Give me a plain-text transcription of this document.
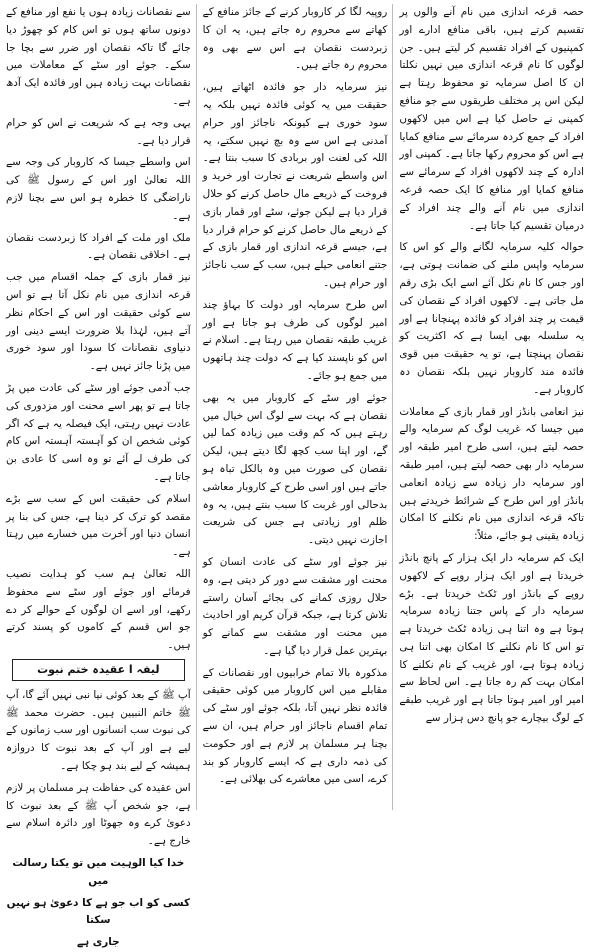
حصہ قرعہ اندازی میں نام آنے والوں پر تقسیم کرتے ہیں، باقی منافع ادارے اور کمپنیوں کے افراد تقسیم کر لیتے ہیں۔ جن لوگوں کا نام قرعہ اندازی میں نہیں نکلتا ان کا اصل سرمایہ تو محفوظ رہتا ہے لیکن اس پر مختلف طریقوں سے جو منافع کمپنی نے حاصل کیا ہے اس میں لاکھوں افراد کے جمع کردہ سرمائے سے منافع کمایا ہے اس کو محروم رکھا جاتا ہے۔ کمپنی اور ادارہ کے چند لاکھوں افراد کے سرمائے سے منافع کمایا اور منافع کا ایک حصہ قرعہ اندازی میں نام آنے والے چند افراد کے درمیان تقسیم کیا جاتا ہے۔

حوالہ کلیہ سرمایہ لگانے والے کو اس کا سرمایہ واپس ملنے کی ضمانت ہوتی ہے، اور جس کا نام نکل آئے اسے ایک بڑی رقم مل جاتی ہے۔ لاکھوں افراد کے نقصان کی قیمت پر چند افراد کو فائدہ پہنچانا ہے اور یہ سلسلہ بھی ایسا ہے کہ اکثریت کو نقصان پہنچتا ہے، تو یہ حقیقت میں قوی فائدہ مند کاروبار نہیں بلکہ نقصان دہ کاروبار ہے۔

نیز انعامی بانڈز اور قمار بازی کے معاملات میں جیسا کہ غریب لوگ کم سرمایہ والے حصہ لیتے ہیں، اسی طرح امیر طبقہ اور سرمایہ دار بھی حصہ لیتے ہیں، امیر طبقہ اور سرمایہ دار زیادہ سے زیادہ انعامی بانڈز اور اس طرح کے شرائط خریدتے ہیں تاکہ قرعہ اندازی میں نام نکلنے کا امکان زیادہ یقینی ہو جائے، مثلاً:

ایک کم سرمایہ دار ایک ہزار کے پانچ بانڈز خریدتا ہے اور ایک ہزار روپے کے لاکھوں روپے کے بانڈز اور ٹکٹ خریدتا ہے۔ بڑے سرمایہ دار کے پاس جتنا زیادہ سرمایہ ہوتا ہے وہ اتنا ہی زیادہ ٹکٹ خریدتا ہے تو اس کا نام نکلنے کا امکان بھی اتنا ہی زیادہ ہوتا ہے، اور غریب کے نام نکلنے کا امکان بہت کم رہ جاتا ہے۔ اس لحاظ سے امیر اور امیر ہوتا جاتا ہے اور غریب طبقے کے لوگ بیچارے جو پانچ دس ہزار سے

روپیہ لگا کر کاروبار کرنے کے جائز منافع کے کھاتے سے محروم رہ جاتے ہیں، یہ ان کا زبردست نقصان ہے اس سے بھی وہ محروم رہ جاتے ہیں۔

نیز سرمایہ دار جو فائدہ اٹھاتے ہیں، حقیقت میں یہ کوئی فائدہ نہیں بلکہ یہ سود خوری ہے کیونکہ ناجائز اور حرام آمدنی ہے اس سے وہ بچ نہیں سکتے، یہ اللہ کی لعنت اور بربادی کا سبب بنتا ہے۔ اس واسطے شریعت نے تجارت اور خرید و فروخت کے ذریعے مال حاصل کرنے کو حلال قرار دیا ہے لیکن جوئے، سٹے اور قمار بازی کے ذریعے مال حاصل کرنے کو حرام قرار دیا ہے، جیسے قرعہ اندازی اور قمار بازی کے جتنے انعامی حیلے ہیں، سب کے سب ناجائز اور حرام ہیں۔

اس طرح سرمایہ اور دولت کا بہاؤ چند امیر لوگوں کی طرف ہو جاتا ہے اور غریب طبقہ نقصان میں رہتا ہے۔ اسلام نے اس کو ناپسند کیا ہے کہ دولت چند ہاتھوں میں جمع ہو جائے۔

جوئے اور سٹے کے کاروبار میں یہ بھی نقصان ہے کہ بہت سے لوگ اس خیال میں رہتے ہیں کہ کم وقت میں زیادہ کما لیں گے، اور اپنا سب کچھ لگا دیتے ہیں، لیکن نقصان کی صورت میں وہ بالکل تباہ ہو جاتے ہیں اور اسی طرح کے کاروبار معاشی بدحالی اور غربت کا سبب بنتے ہیں، یہ وہ ظلم اور زیادتی ہے جس کی شریعت اجازت نہیں دیتی۔

نیز جوئے اور سٹے کی عادت انسان کو محنت اور مشقت سے دور کر دیتی ہے، وہ حلال روزی کمانے کی بجائے آسان راستے تلاش کرتا ہے، جبکہ قرآن کریم اور احادیث میں محنت اور مشقت سے کمانے کو بہترین عمل قرار دیا گیا ہے۔

مذکورہ بالا تمام خرابیوں اور نقصانات کے مقابلے میں اس کاروبار میں کوئی حقیقی فائدہ نظر نہیں آتا، بلکہ جوئے اور سٹے کی تمام اقسام ناجائز اور حرام ہیں، ان سے بچنا ہر مسلمان پر لازم ہے اور حکومت کی ذمہ داری ہے کہ ایسے کاروبار کو بند کرے، اسی میں معاشرے کی بھلائی ہے۔

سے نقصانات زیادہ ہوں یا نفع اور منافع کے دونوں ساتھ ہوں تو اس کام کو چھوڑ دیا جائے گا تاکہ نقصان اور ضرر سے بچا جا سکے۔ جوئے اور سٹے کے معاملات میں نقصانات بہت زیادہ ہیں اور فائدہ ایک آدھ ہے۔

یہی وجہ ہے کہ شریعت نے اس کو حرام قرار دیا ہے۔

اس واسطے جیسا کہ کاروبار کی وجہ سے اللہ تعالیٰ اور اس کے رسول ﷺ کی ناراضگی کا خطرہ ہو اس سے بچنا لازم ہے۔

ملک اور ملت کے افراد کا زبردست نقصان ہے۔ اخلاقی نقصان ہے۔

نیز قمار بازی کے جملہ اقسام میں جب قرعہ اندازی میں نام نکل آتا ہے تو اس سے کوئی حقیقت اور اس کے احکام نظر آتے ہیں، لہٰذا بلا ضرورت ایسے دینی اور دنیاوی نقصانات کا سودا اور سود خوری میں پڑنا جائز نہیں ہے۔

جب آدمی جوئے اور سٹے کی عادت میں پڑ جاتا ہے تو پھر اسے محنت اور مزدوری کی عادت نہیں رہتی، ایک فیصلہ یہ ہے کہ اگر کوئی شخص ان کو آہستہ آہستہ اس کام کی طرف لے آئے تو وہ اسی کا عادی بن جاتا ہے۔

اسلام کی حقیقت اس کے سب سے بڑے مقصد کو ترک کر دینا ہے، جس کی بنا پر انسان دنیا اور آخرت میں خسارے میں رہتا ہے۔

اللہ تعالیٰ ہم سب کو ہدایت نصیب فرمائے اور جوئے اور سٹے سے محفوظ رکھے، اور اسے ان لوگوں کے حوالے کر دے جو اس قسم کے کاموں کو پسند کرتے ہیں۔

لیفہ ا عقیدہ ختم نبوت

آپ ﷺ کے بعد کوئی نیا نبی نہیں آئے گا، آپ ﷺ خاتم النبیین ہیں۔ حضرت محمد ﷺ کی نبوت سب انسانوں اور سب زمانوں کے لیے ہے اور آپ کے بعد نبوت کا دروازہ ہمیشہ کے لیے بند ہو چکا ہے۔

اس عقیدہ کی حفاظت ہر مسلمان پر لازم ہے، جو شخص آپ ﷺ کے بعد نبوت کا دعویٰ کرے وہ جھوٹا اور دائرہ اسلام سے خارج ہے۔

خدا کیا الوہیت میں تو یکتا رسالت میں

کسی کو اب جو ہے کا دعویٰ ہو نہیں سکتا

جاری ہے
